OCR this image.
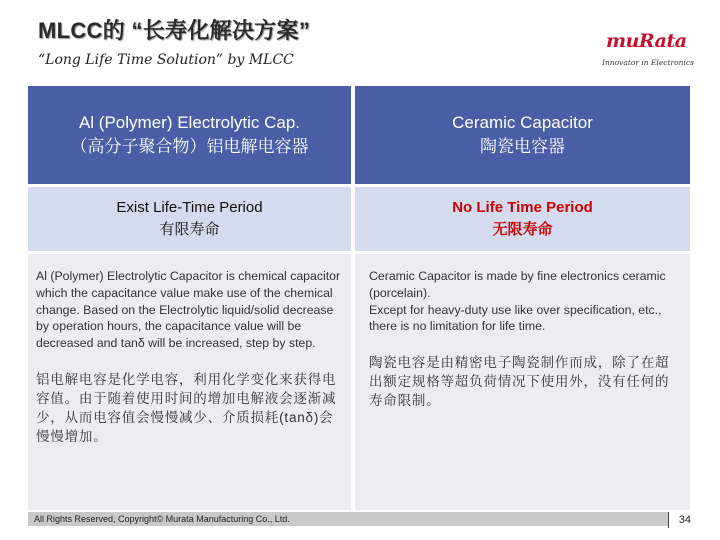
MLCC的 “长寿化解决方案”
“Long Life Time Solution” by MLCC
muRata
Innovator in Electronics
Al (Polymer) Electrolytic Cap.
（高分子聚合物）铝电解电容器
Ceramic Capacitor
陶瓷电容器
Exist Life-Time Period
有限寿命
No Life Time Period
无限寿命

Al (Polymer) Electrolytic Capacitor is chemical capacitor which the capacitance value make use of the chemical change. Based on the Electrolytic liquid/solid decrease by operation hours, the capacitance value will be decreased and tanδ will be increased, step by step.

铝电解电容是化学电容，利用化学变化来获得电容值。由于随着使用时间的增加电解液会逐渐减少，从而电容值会慢慢减少、介质损耗(tanδ)会慢慢增加。

Ceramic Capacitor is made by fine electronics ceramic (porcelain).

Except for heavy-duty use like over specification, etc., there is no limitation for life time.

陶瓷电容是由精密电子陶瓷制作而成，除了在超出额定规格等超负荷情况下使用外，没有任何的寿命限制。

All Rights Reserved, Copyright© Murata Manufacturing Co., Ltd.	34
